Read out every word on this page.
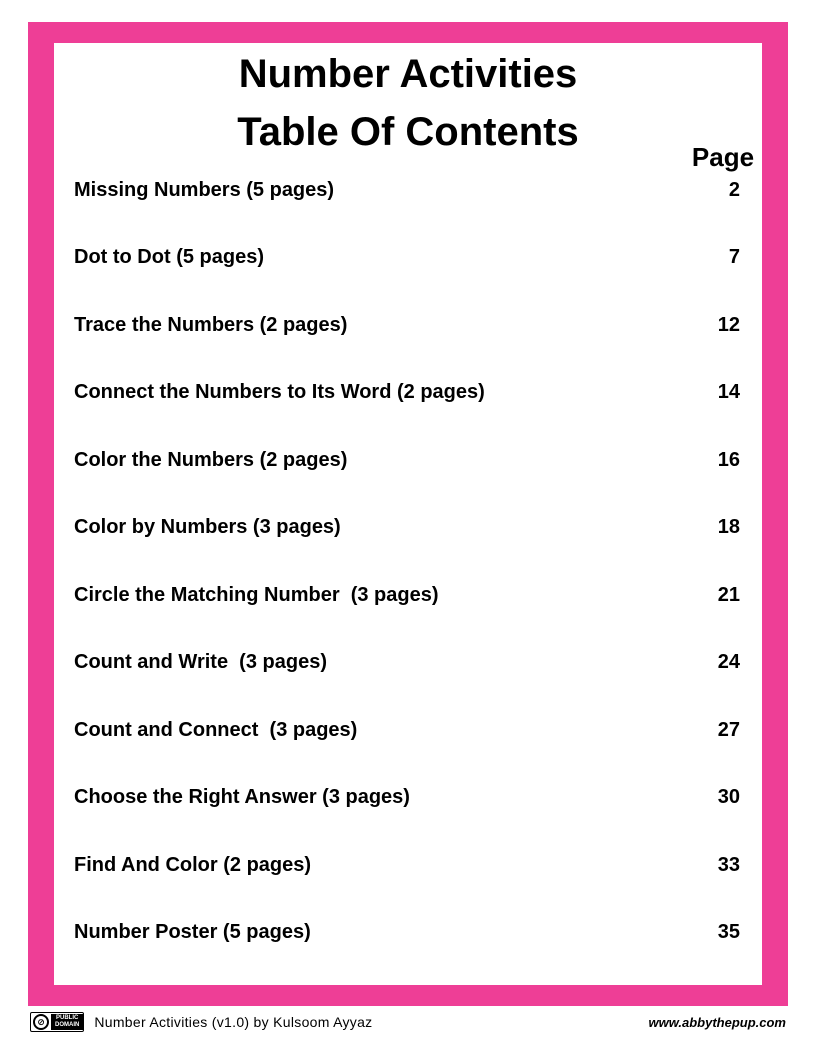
Number Activities
Table Of Contents
Page
Missing Numbers (5 pages)	2
Dot to Dot (5 pages)	7
Trace the Numbers (2 pages)	12
Connect the Numbers to Its Word (2 pages)	14
Color the Numbers (2 pages)	16
Color by Numbers (3 pages)	18
Circle the Matching Number  (3 pages)	21
Count and Write  (3 pages)	24
Count and Connect  (3 pages)	27
Choose the Right Answer (3 pages)	30
Find And Color (2 pages)	33
Number Poster (5 pages)	35
⊘	PUBLIC
DOMAIN Number Activities (v1.0) by Kulsoom Ayyaz	www.abbythepup.com
